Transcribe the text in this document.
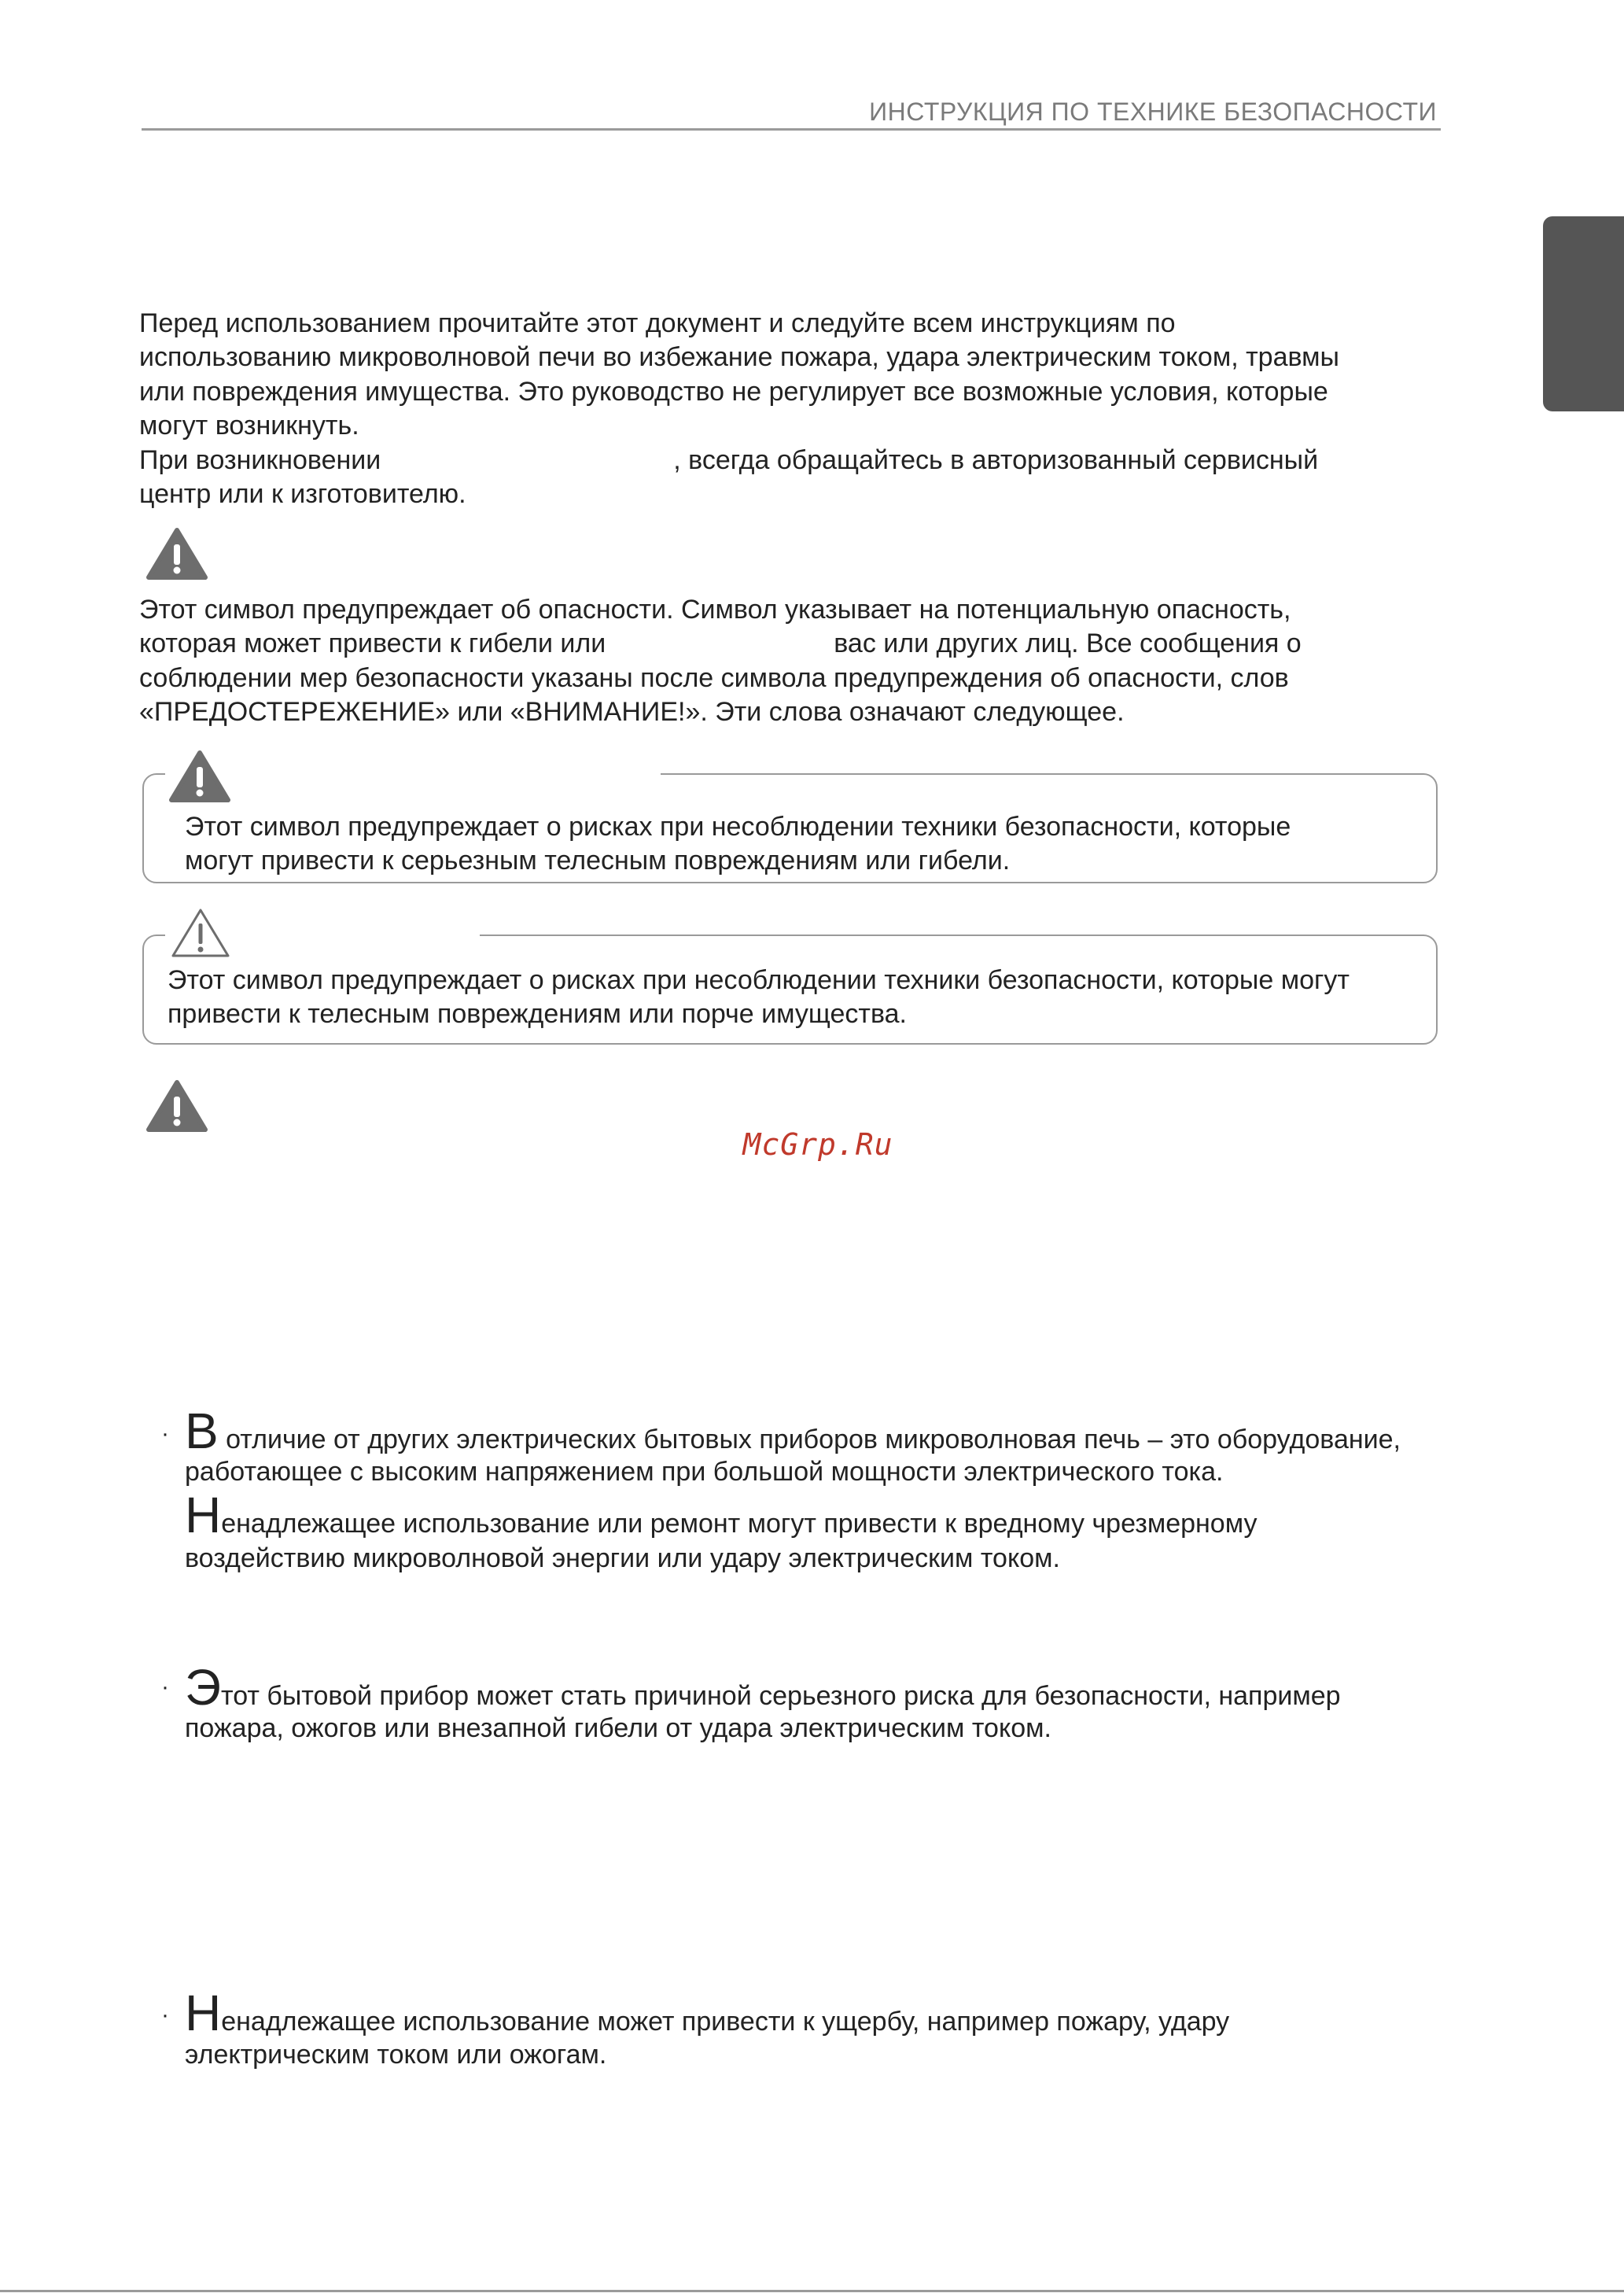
ИНСТРУКЦИЯ ПО ТЕХНИКЕ БЕЗОПАСНОСТИ
Перед использованием прочитайте этот документ и следуйте всем инструкциям по
использованию микроволновой печи во избежание пожара, удара электрическим током, травмы
или повреждения имущества. Это руководство не регулирует все возможные условия, которые
могут возникнуть.
При возникновении	, всегда обращайтесь в авторизованный сервисный
центр или к изготовителю.
Этот символ предупреждает об опасности. Символ указывает на потенциальную опасность,
которая может привести к гибели или	вас или других лиц. Все сообщения о
соблюдении мер безопасности указаны после символа предупреждения об опасности, слов
«ПРЕДОСТЕРЕЖЕНИЕ» или «ВНИМАНИЕ!». Эти слова означают следующее.
Этот символ предупреждает о рисках при несоблюдении техники безопасности, которые
могут привести к серьезным телесным повреждениям или гибели.
Этот символ предупреждает о рисках при несоблюдении техники безопасности, которые могут
привести к телесным повреждениям или порче имущества.
McGrp.Ru
· В отличие от других электрических бытовых приборов микроволновая печь – это оборудование,
работающее с высоким напряжением при большой мощности электрического тока.
Ненадлежащее использование или ремонт могут привести к вредному чрезмерному
воздействию микроволновой энергии или удару электрическим током.
· Этот бытовой прибор может стать причиной серьезного риска для безопасности, например
пожара, ожогов или внезапной гибели от удара электрическим током.
· Ненадлежащее использование может привести к ущербу, например пожару, удару
электрическим током или ожогам.
